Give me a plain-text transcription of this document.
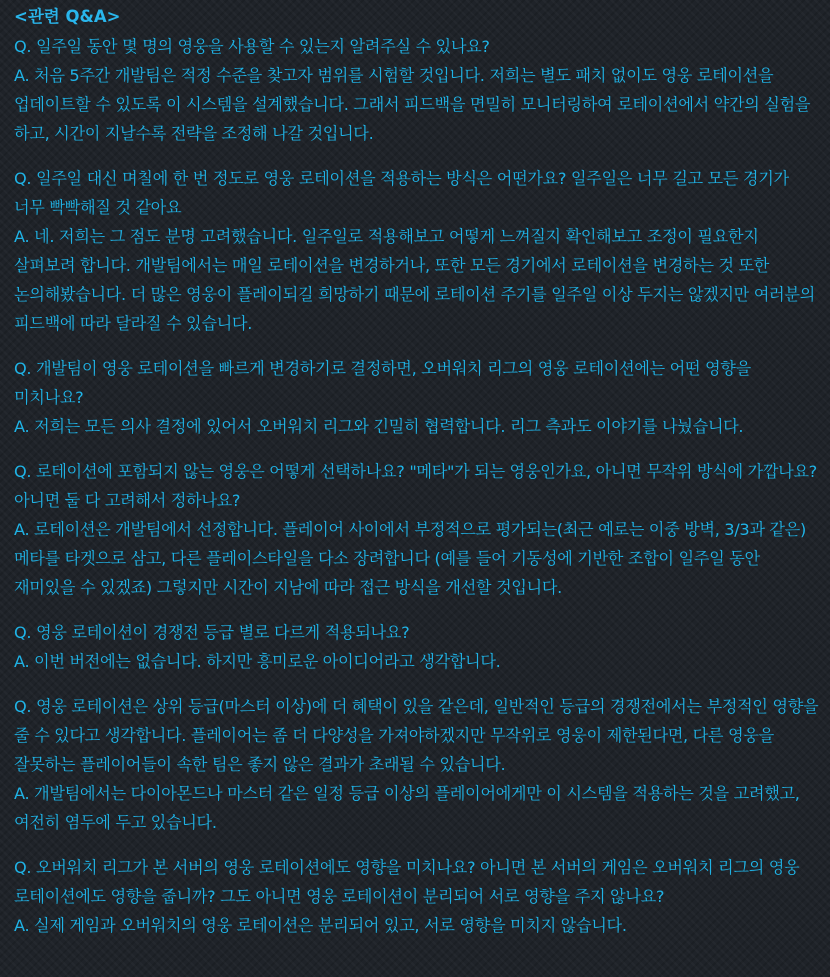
<관련 Q&A>

Q. 일주일 동안 몇 명의 영웅을 사용할 수 있는지 알려주실 수 있나요?

A. 처음 5주간 개발팀은 적정 수준을 찾고자 범위를 시험할 것입니다. 저희는 별도 패치 없이도 영웅 로테이션을 업데이트할 수 있도록 이 시스템을 설계했습니다. 그래서 피드백을 면밀히 모니터링하여 로테이션에서 약간의 실험을 하고, 시간이 지날수록 전략을 조정해 나갈 것입니다.

Q. 일주일 대신 며칠에 한 번 정도로 영웅 로테이션을 적용하는 방식은 어떤가요? 일주일은 너무 길고 모든 경기가 너무 빡빡해질 것 같아요

A. 네. 저희는 그 점도 분명 고려했습니다. 일주일로 적용해보고 어떻게 느껴질지 확인해보고 조정이 필요한지 살펴보려 합니다. 개발팀에서는 매일 로테이션을 변경하거나, 또한 모든 경기에서 로테이션을 변경하는 것 또한 논의해봤습니다. 더 많은 영웅이 플레이되길 희망하기 때문에 로테이션 주기를 일주일 이상 두지는 않겠지만 여러분의 피드백에 따라 달라질 수 있습니다.

Q. 개발팀이 영웅 로테이션을 빠르게 변경하기로 결정하면, 오버워치 리그의 영웅 로테이션에는 어떤 영향을 미치나요?

A. 저희는 모든 의사 결정에 있어서 오버워치 리그와 긴밀히 협력합니다. 리그 측과도 이야기를 나눴습니다.

Q. 로테이션에 포함되지 않는 영웅은 어떻게 선택하나요? "메타"가 되는 영웅인가요, 아니면 무작위 방식에 가깝나요? 아니면 둘 다 고려해서 정하나요?

A. 로테이션은 개발팀에서 선정합니다. 플레이어 사이에서 부정적으로 평가되는(최근 예로는 이중 방벽, 3/3과 같은) 메타를 타겟으로 삼고, 다른 플레이스타일을 다소 장려합니다 (예를 들어 기동성에 기반한 조합이 일주일 동안 재미있을 수 있겠죠) 그렇지만 시간이 지남에 따라 접근 방식을 개선할 것입니다.

Q. 영웅 로테이션이 경쟁전 등급 별로 다르게 적용되나요?

A. 이번 버전에는 없습니다. 하지만 흥미로운 아이디어라고 생각합니다.

Q. 영웅 로테이션은 상위 등급(마스터 이상)에 더 혜택이 있을 같은데, 일반적인 등급의 경쟁전에서는 부정적인 영향을 줄 수 있다고 생각합니다. 플레이어는 좀 더 다양성을 가져야하겠지만 무작위로 영웅이 제한된다면, 다른 영웅을 잘못하는 플레이어들이 속한 팀은 좋지 않은 결과가 초래될 수 있습니다.

A. 개발팀에서는 다이아몬드나 마스터 같은 일정 등급 이상의 플레이어에게만 이 시스템을 적용하는 것을 고려했고, 여전히 염두에 두고 있습니다.

Q. 오버워치 리그가 본 서버의 영웅 로테이션에도 영향을 미치나요? 아니면 본 서버의 게임은 오버워치 리그의 영웅 로테이션에도 영향을 줍니까? 그도 아니면 영웅 로테이션이 분리되어 서로 영향을 주지 않나요?

A. 실제 게임과 오버워치의 영웅 로테이션은 분리되어 있고, 서로 영향을 미치지 않습니다.
